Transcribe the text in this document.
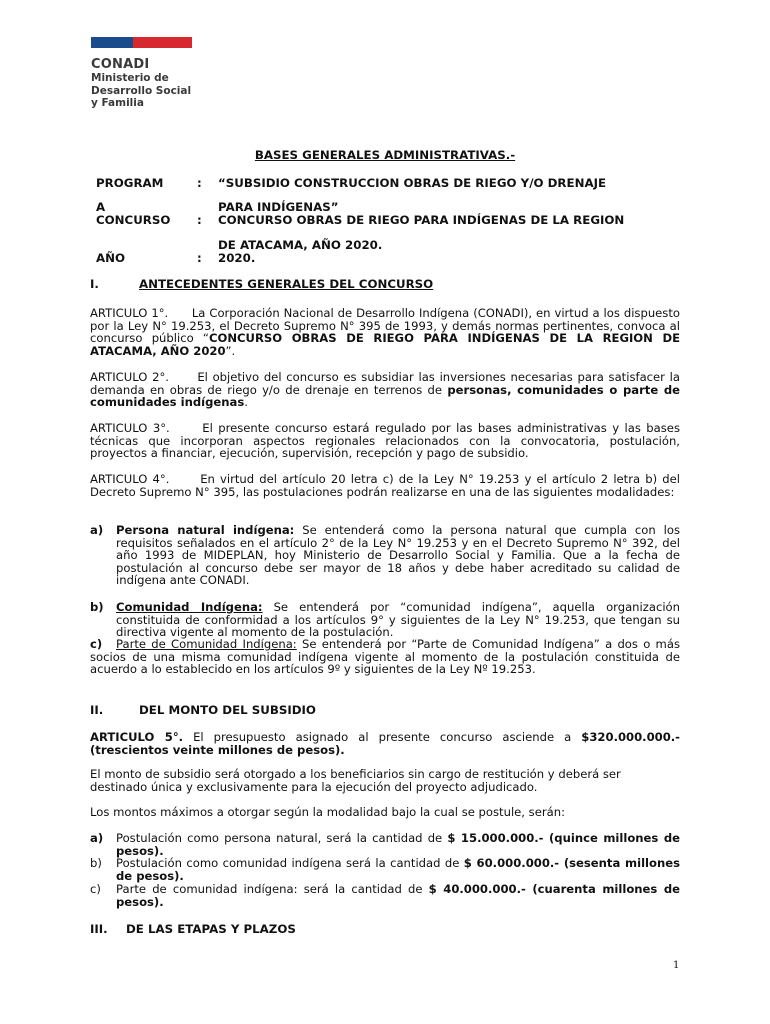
CONADI
Ministerio de
Desarrollo Social
y Familia
BASES GENERALES ADMINISTRATIVAS.-
PROGRAM	: “SUBSIDIO CONSTRUCCION OBRAS DE RIEGO Y/O DRENAJE
A	PARA INDÍGENAS”
CONCURSO : CONCURSO OBRAS DE RIEGO PARA INDÍGENAS DE LA REGION
DE ATACAMA, AÑO 2020.
AÑO	: 2020.
I.	ANTECEDENTES GENERALES DEL CONCURSO
ARTICULO 1°. La Corporación Nacional de Desarrollo Indígena (CONADI), en virtud a los dispuesto por la Ley N° 19.253, el Decreto Supremo N° 395 de 1993, y demás normas pertinentes, convoca al concurso público “CONCURSO OBRAS DE RIEGO PARA INDÍGENAS DE LA REGION DE ATACAMA, AÑO 2020”.
ARTICULO 2°. El objetivo del concurso es subsidiar las inversiones necesarias para satisfacer la demanda en obras de riego y/o de drenaje en terrenos de personas, comunidades o parte de comunidades indígenas.
ARTICULO 3°.	El presente concurso estará regulado por las bases administrativas y las bases técnicas que incorporan aspectos regionales relacionados con la convocatoria, postulación, proyectos a financiar, ejecución, supervisión, recepción y pago de subsidio.
ARTICULO 4°.	En virtud del artículo 20 letra c) de la Ley N° 19.253 y el artículo 2 letra b) del Decreto Supremo N° 395, las postulaciones podrán realizarse en una de las siguientes modalidades:
a) Persona natural indígena: Se entenderá como la persona natural que cumpla con los requisitos señalados en el artículo 2° de la Ley N° 19.253 y en el Decreto Supremo N° 392, del año 1993 de MIDEPLAN, hoy Ministerio de Desarrollo Social y Familia. Que a la fecha de postulación al concurso debe ser mayor de 18 años y debe haber acreditado su calidad de indígena ante CONADI.
b) Comunidad Indígena: Se entenderá por “comunidad indígena”, aquella organización constituida de conformidad a los artículos 9° y siguientes de la Ley N° 19.253, que tengan su directiva vigente al momento de la postulación.
c)	Parte de Comunidad Indígena: Se entenderá por “Parte de Comunidad Indígena” a dos o más socios de una misma comunidad indígena vigente al momento de la postulación constituida de acuerdo a lo establecido en los artículos 9º y siguientes de la Ley Nº 19.253.
II.	DEL MONTO DEL SUBSIDIO
ARTICULO 5°. El presupuesto asignado al presente concurso asciende a $320.000.000.- (trescientos veinte millones de pesos).
El monto de subsidio será otorgado a los beneficiarios sin cargo de restitución y deberá ser destinado única y exclusivamente para la ejecución del proyecto adjudicado.
Los montos máximos a otorgar según la modalidad bajo la cual se postule, serán:
a) Postulación como persona natural, será la cantidad de $ 15.000.000.- (quince millones de pesos).
b) Postulación como comunidad indígena será la cantidad de $ 60.000.000.- (sesenta millones de pesos).
c) Parte de comunidad indígena: será la cantidad de $ 40.000.000.- (cuarenta millones de pesos).
III. DE LAS ETAPAS Y PLAZOS
1
